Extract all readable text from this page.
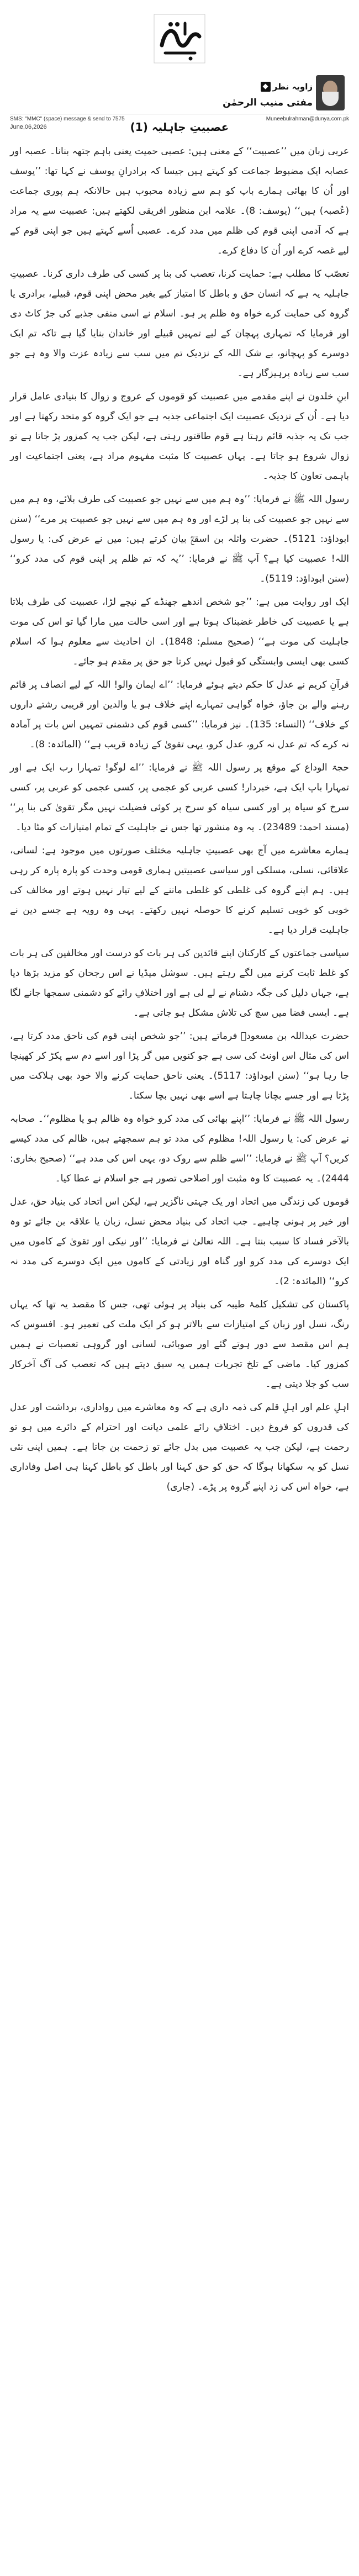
◆ زاویہ نظر
مفتی منیب الرحمٰن
SMS: "MMC" (space) message & send to 7575	Muneebulrahman@dunya.com.pk
June,06,2026	عصبیتِ جاہلیہ (1)

عربی زبان میں ’’عصبیت‘‘ کے معنی ہیں: عصبی حمیت یعنی باہم جتھہ بنانا۔ عصبہ اور عصابہ ایک مضبوط جماعت کو کہتے ہیں جیسا کہ برادرانِ یوسف نے کہا تھا: ’’یوسف اور اُن کا بھائی ہمارے باپ کو ہم سے زیادہ محبوب ہیں حالانکہ ہم پوری جماعت (عُصبہ) ہیں‘‘ (یوسف: 8)۔ علامہ ابن منظور افریقی لکھتے ہیں: عصبیت سے یہ مراد ہے کہ آدمی اپنی قوم کی ظلم میں مدد کرے۔ عصبی اُسے کہتے ہیں جو اپنی قوم کے لیے غصہ کرے اور اُن کا دفاع کرے۔

تعصّب کا مطلب ہے: حمایت کرنا، تعصب کی بنا پر کسی کی طرف داری کرنا۔ عصبیتِ جاہلیہ یہ ہے کہ انسان حق و باطل کا امتیاز کیے بغیر محض اپنی قوم، قبیلے، برادری یا گروہ کی حمایت کرے خواہ وہ ظلم پر ہو۔ اسلام نے اسی منفی جذبے کی جڑ کاٹ دی اور فرمایا کہ تمہاری پہچان کے لیے تمہیں قبیلے اور خاندان بنایا گیا ہے تاکہ تم ایک دوسرے کو پہچانو، بے شک اللہ کے نزدیک تم میں سب سے زیادہ عزت والا وہ ہے جو سب سے زیادہ پرہیزگار ہے۔

ابنِ خلدون نے اپنے مقدمے میں عصبیت کو قوموں کے عروج و زوال کا بنیادی عامل قرار دیا ہے۔ اُن کے نزدیک عصبیت ایک اجتماعی جذبہ ہے جو ایک گروہ کو متحد رکھتا ہے اور جب تک یہ جذبہ قائم رہتا ہے قوم طاقتور رہتی ہے، لیکن جب یہ کمزور پڑ جاتا ہے تو زوال شروع ہو جاتا ہے۔ یہاں عصبیت کا مثبت مفہوم مراد ہے، یعنی اجتماعیت اور باہمی تعاون کا جذبہ۔

رسول اللہ ﷺ نے فرمایا: ’’وہ ہم میں سے نہیں جو عصبیت کی طرف بلائے، وہ ہم میں سے نہیں جو عصبیت کی بنا پر لڑے اور وہ ہم میں سے نہیں جو عصبیت پر مرے‘‘ (سنن ابوداؤد: 5121)۔ حضرت واثلہ بن اسقعؓ بیان کرتے ہیں: میں نے عرض کی: یا رسول اللہ! عصبیت کیا ہے؟ آپ ﷺ نے فرمایا: ’’یہ کہ تم ظلم پر اپنی قوم کی مدد کرو‘‘ (سنن ابوداؤد: 5119)۔

ایک اور روایت میں ہے: ’’جو شخص اندھے جھنڈے کے نیچے لڑا، عصبیت کی طرف بلاتا ہے یا عصبیت کی خاطر غضبناک ہوتا ہے اور اسی حالت میں مارا گیا تو اس کی موت جاہلیت کی موت ہے‘‘ (صحیح مسلم: 1848)۔ ان احادیث سے معلوم ہوا کہ اسلام کسی بھی ایسی وابستگی کو قبول نہیں کرتا جو حق پر مقدم ہو جائے۔

قرآنِ کریم نے عدل کا حکم دیتے ہوئے فرمایا: ’’اے ایمان والو! اللہ کے لیے انصاف پر قائم رہنے والے بن جاؤ، خواہ گواہی تمہارے اپنے خلاف ہو یا والدین اور قریبی رشتے داروں کے خلاف‘‘ (النساء: 135)۔ نیز فرمایا: ’’کسی قوم کی دشمنی تمہیں اس بات پر آمادہ نہ کرے کہ تم عدل نہ کرو، عدل کرو، یہی تقویٰ کے زیادہ قریب ہے‘‘ (المائدہ: 8)۔

حجۃ الوداع کے موقع پر رسول اللہ ﷺ نے فرمایا: ’’اے لوگو! تمہارا رب ایک ہے اور تمہارا باپ ایک ہے، خبردار! کسی عربی کو عجمی پر، کسی عجمی کو عربی پر، کسی سرخ کو سیاہ پر اور کسی سیاہ کو سرخ پر کوئی فضیلت نہیں مگر تقویٰ کی بنا پر‘‘ (مسند احمد: 23489)۔ یہ وہ منشور تھا جس نے جاہلیت کے تمام امتیازات کو مٹا دیا۔

ہمارے معاشرے میں آج بھی عصبیتِ جاہلیہ مختلف صورتوں میں موجود ہے: لسانی، علاقائی، نسلی، مسلکی اور سیاسی عصبیتیں ہماری قومی وحدت کو پارہ پارہ کر رہی ہیں۔ ہم اپنے گروہ کی غلطی کو غلطی ماننے کے لیے تیار نہیں ہوتے اور مخالف کی خوبی کو خوبی تسلیم کرنے کا حوصلہ نہیں رکھتے۔ یہی وہ رویہ ہے جسے دین نے جاہلیت قرار دیا ہے۔

سیاسی جماعتوں کے کارکنان اپنے قائدین کی ہر بات کو درست اور مخالفین کی ہر بات کو غلط ثابت کرنے میں لگے رہتے ہیں۔ سوشل میڈیا نے اس رجحان کو مزید بڑھا دیا ہے، جہاں دلیل کی جگہ دشنام نے لے لی ہے اور اختلافِ رائے کو دشمنی سمجھا جانے لگا ہے۔ ایسی فضا میں سچ کی تلاش مشکل ہو جاتی ہے۔

حضرت عبداللہ بن مسعودؓ فرماتے ہیں: ’’جو شخص اپنی قوم کی ناحق مدد کرتا ہے، اس کی مثال اس اونٹ کی سی ہے جو کنویں میں گر پڑا اور اسے دم سے پکڑ کر کھینچا جا رہا ہو‘‘ (سنن ابوداؤد: 5117)۔ یعنی ناحق حمایت کرنے والا خود بھی ہلاکت میں پڑتا ہے اور جسے بچانا چاہتا ہے اسے بھی نہیں بچا سکتا۔

رسول اللہ ﷺ نے فرمایا: ’’اپنے بھائی کی مدد کرو خواہ وہ ظالم ہو یا مظلوم‘‘۔ صحابہ نے عرض کی: یا رسول اللہ! مظلوم کی مدد تو ہم سمجھتے ہیں، ظالم کی مدد کیسے کریں؟ آپ ﷺ نے فرمایا: ’’اسے ظلم سے روک دو، یہی اس کی مدد ہے‘‘ (صحیح بخاری: 2444)۔ یہ عصبیت کا وہ مثبت اور اصلاحی تصور ہے جو اسلام نے عطا کیا۔

قوموں کی زندگی میں اتحاد اور یک جہتی ناگزیر ہے، لیکن اس اتحاد کی بنیاد حق، عدل اور خیر پر ہونی چاہیے۔ جب اتحاد کی بنیاد محض نسل، زبان یا علاقہ بن جائے تو وہ بالآخر فساد کا سبب بنتا ہے۔ اللہ تعالیٰ نے فرمایا: ’’اور نیکی اور تقویٰ کے کاموں میں ایک دوسرے کی مدد کرو اور گناہ اور زیادتی کے کاموں میں ایک دوسرے کی مدد نہ کرو‘‘ (المائدہ: 2)۔

پاکستان کی تشکیل کلمۂ طیبہ کی بنیاد پر ہوئی تھی، جس کا مقصد یہ تھا کہ یہاں رنگ، نسل اور زبان کے امتیازات سے بالاتر ہو کر ایک ملت کی تعمیر ہو۔ افسوس کہ ہم اس مقصد سے دور ہوتے گئے اور صوبائی، لسانی اور گروہی تعصبات نے ہمیں کمزور کیا۔ ماضی کے تلخ تجربات ہمیں یہ سبق دیتے ہیں کہ تعصب کی آگ آخرکار سب کو جلا دیتی ہے۔

اہلِ علم اور اہلِ قلم کی ذمہ داری ہے کہ وہ معاشرے میں رواداری، برداشت اور عدل کی قدروں کو فروغ دیں۔ اختلافِ رائے علمی دیانت اور احترام کے دائرے میں ہو تو رحمت ہے، لیکن جب یہ عصبیت میں بدل جائے تو زحمت بن جاتا ہے۔ ہمیں اپنی نئی نسل کو یہ سکھانا ہوگا کہ حق کو حق کہنا اور باطل کو باطل کہنا ہی اصل وفاداری ہے، خواہ اس کی زد اپنے گروہ پر پڑے۔ (جاری)
